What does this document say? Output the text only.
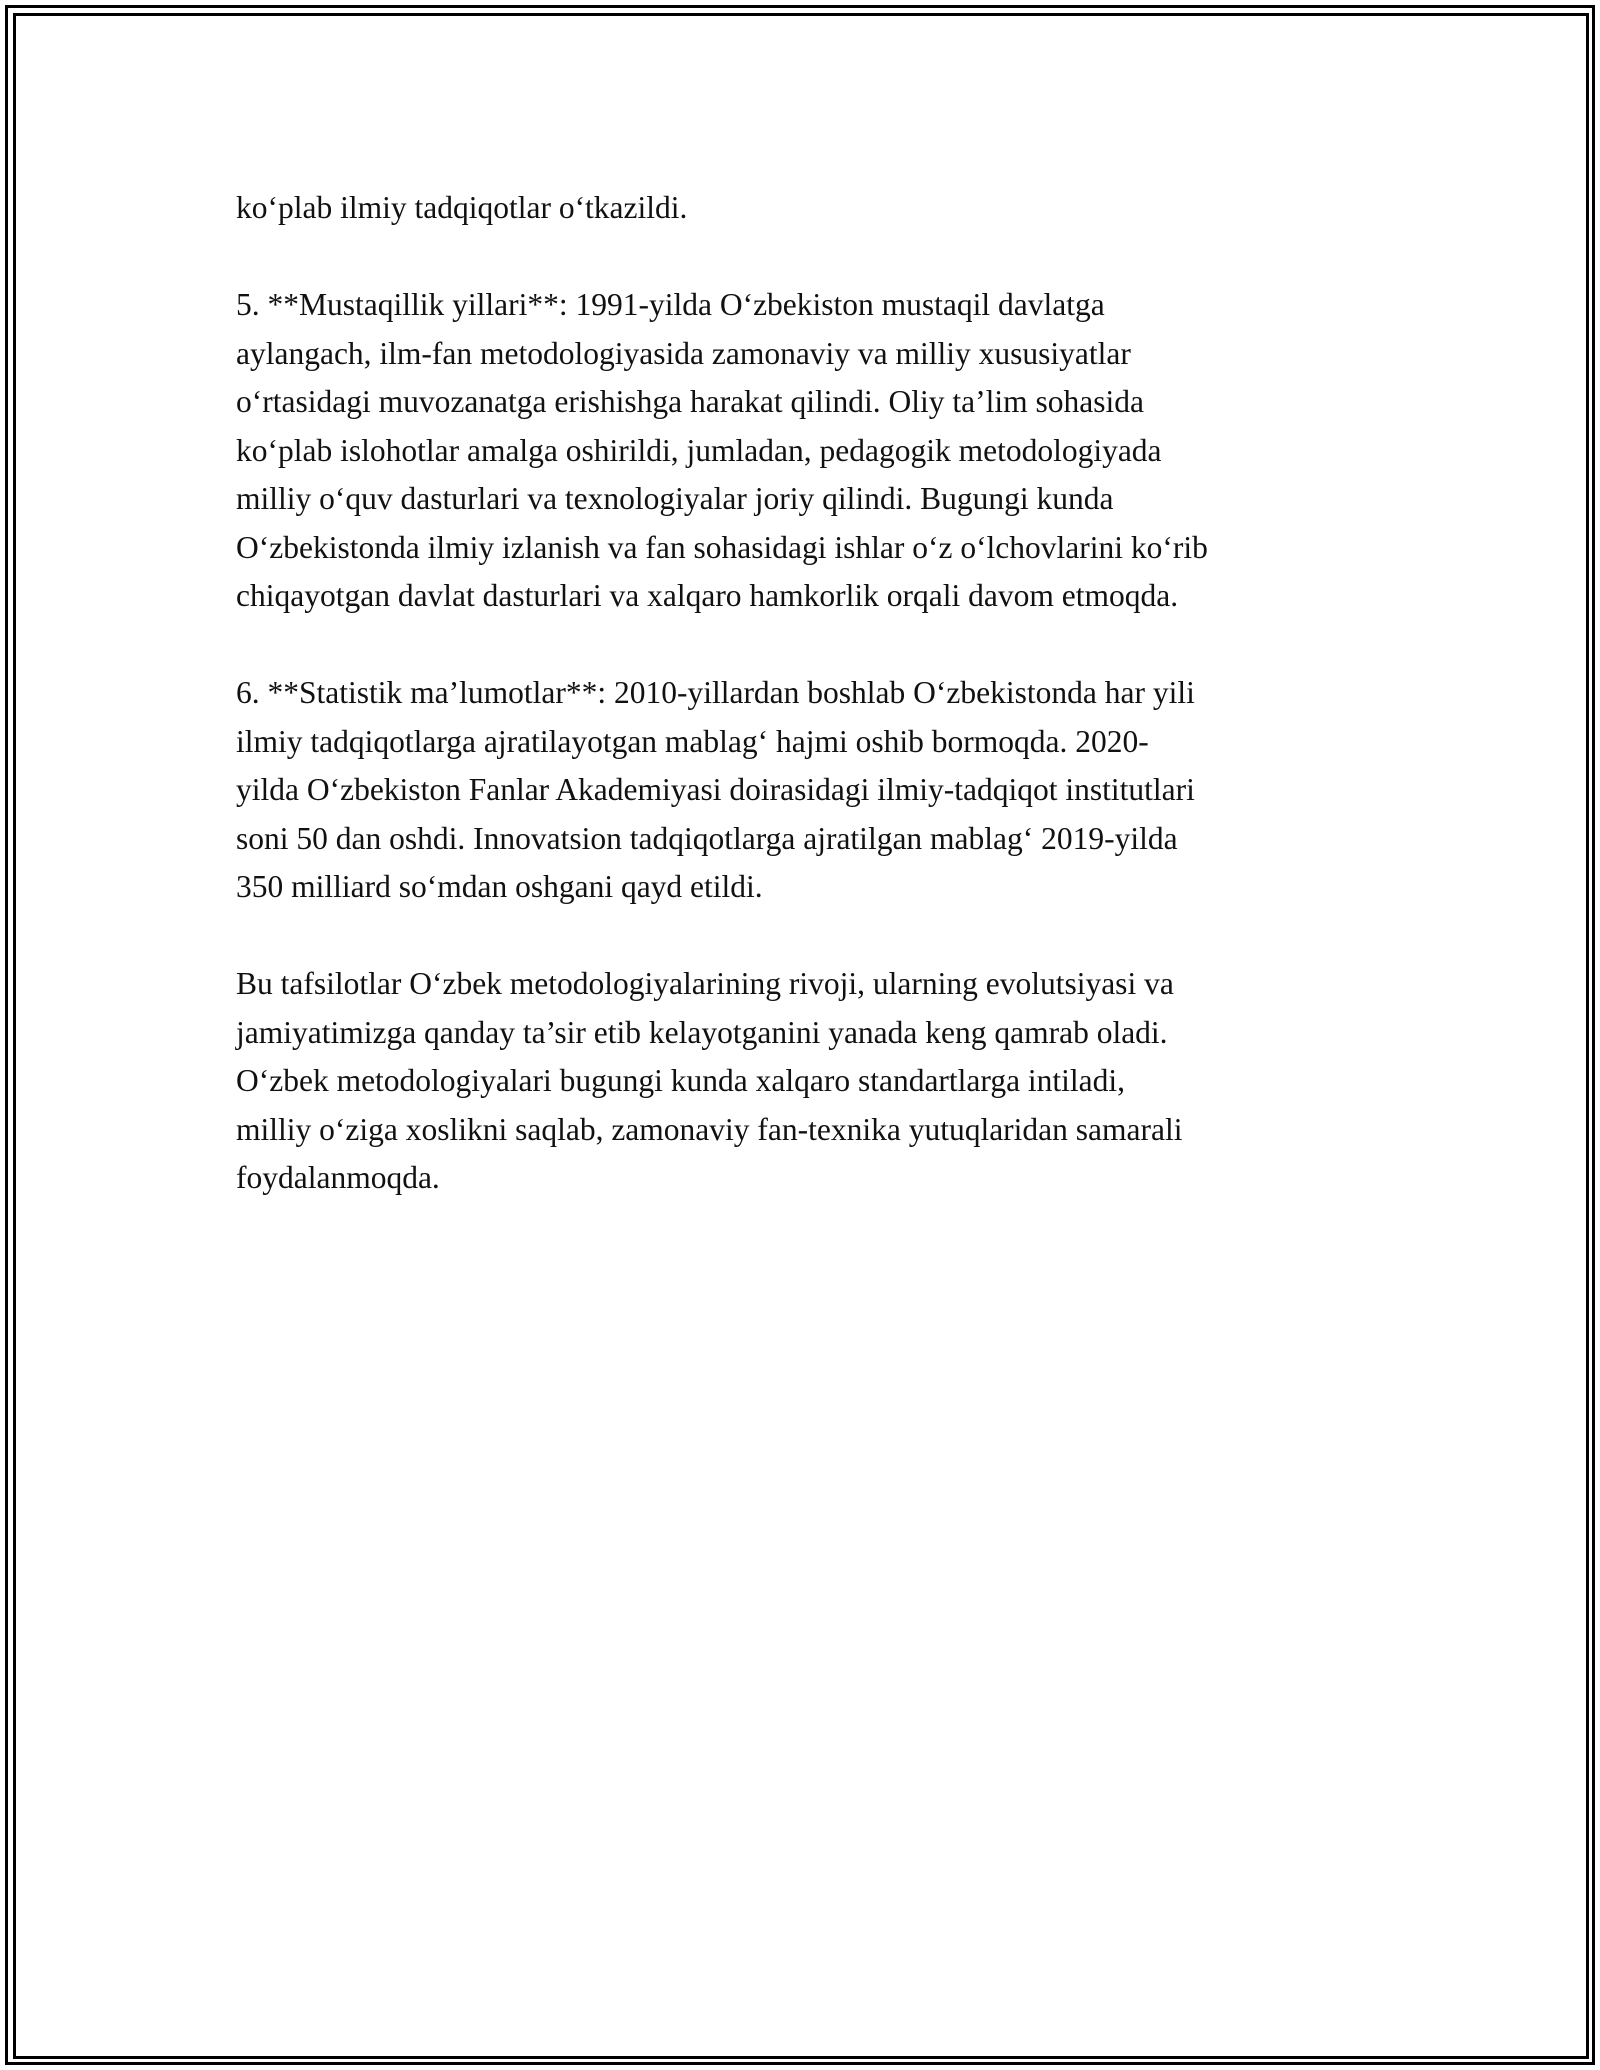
ko‘plab ilmiy tadqiqotlar o‘tkazildi.

5. **Mustaqillik yillari**: 1991-yilda O‘zbekiston mustaqil davlatga
aylangach, ilm-fan metodologiyasida zamonaviy va milliy xususiyatlar
o‘rtasidagi muvozanatga erishishga harakat qilindi. Oliy ta’lim sohasida
ko‘plab islohotlar amalga oshirildi, jumladan, pedagogik metodologiyada
milliy o‘quv dasturlari va texnologiyalar joriy qilindi. Bugungi kunda
O‘zbekistonda ilmiy izlanish va fan sohasidagi ishlar o‘z o‘lchovlarini ko‘rib
chiqayotgan davlat dasturlari va xalqaro hamkorlik orqali davom etmoqda.

6. **Statistik ma’lumotlar**: 2010-yillardan boshlab O‘zbekistonda har yili
ilmiy tadqiqotlarga ajratilayotgan mablag‘ hajmi oshib bormoqda. 2020-
yilda O‘zbekiston Fanlar Akademiyasi doirasidagi ilmiy-tadqiqot institutlari
soni 50 dan oshdi. Innovatsion tadqiqotlarga ajratilgan mablag‘ 2019-yilda
350 milliard so‘mdan oshgani qayd etildi.

Bu tafsilotlar O‘zbek metodologiyalarining rivoji, ularning evolutsiyasi va
jamiyatimizga qanday ta’sir etib kelayotganini yanada keng qamrab oladi.
O‘zbek metodologiyalari bugungi kunda xalqaro standartlarga intiladi,
milliy o‘ziga xoslikni saqlab, zamonaviy fan-texnika yutuqlaridan samarali
foydalanmoqda.
